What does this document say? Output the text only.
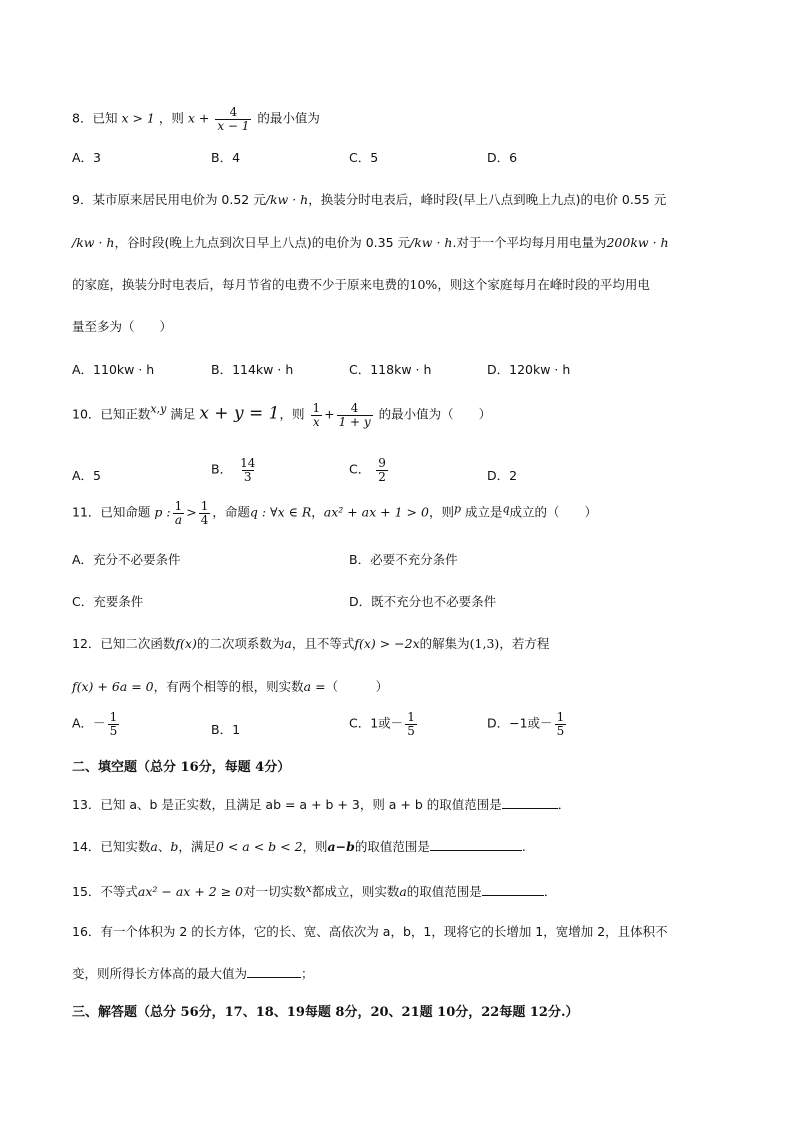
8．已知 x > 1 ，则 $x + \frac{4}{x - 1}$ 的最小值为
A．3	B．4	C．5	D．6
9．某市原来居民用电价为 0.52 元/kw · h，换装分时电表后，峰时段(早上八点到晚上九点)的电价 0.55 元
/kw · h，谷时段(晚上九点到次日早上八点)的电价为 0.35 元/kw · h.对于一个平均每月用电量为200kw · h
的家庭，换装分时电表后，每月节省的电费不少于原来电费的10%，则这个家庭每月在峰时段的平均用电
量至多为（　　）
A．110kw · h	B．114kw · h	C．118kw · h	D．120kw · h
10．已知正数x,y 满足 x + y = 1，则 $\frac{1}{x} + \frac{4}{1 + y}$ 的最小值为（　　）
A．5	B． $\frac{14}{3}$	C． $\frac{9}{2}$	D．2
11．已知命题 p : $\frac{1}{a} > \frac{1}{4}$ ，命题q : ∀x ∈ R，ax² + ax + 1 > 0，则p 成立是q成立的（　　）
A．充分不必要条件	B．必要不充分条件
C．充要条件	D．既不充分也不必要条件
12．已知二次函数f(x)的二次项系数为a，且不等式f(x) > −2x的解集为(1,3)，若方程
f(x) + 6a = 0，有两个相等的根，则实数a =（　　　）
A．－ $\frac{1}{5}$	B．1	C．1或－ $\frac{1}{5}$	D．−1或－ $\frac{1}{5}$
二、填空题（总分 16分，每题 4分）
13．已知 a、b 是正实数，且满足 ab = a + b + 3，则 a + b 的取值范围是	．
14．已知实数a、b，满足0 < a < b < 2，则a−b的取值范围是	.
15．不等式ax² − ax + 2 ≥ 0对一切实数x都成立，则实数a的取值范围是	．
16．有一个体积为 2 的长方体，它的长、宽、高依次为 a，b，1，现将它的长增加 1，宽增加 2，且体积不
变，则所得长方体高的最大值为	；
三、解答题（总分 56分，17、18、19每题 8分，20、21题 10分，22每题 12分.）
